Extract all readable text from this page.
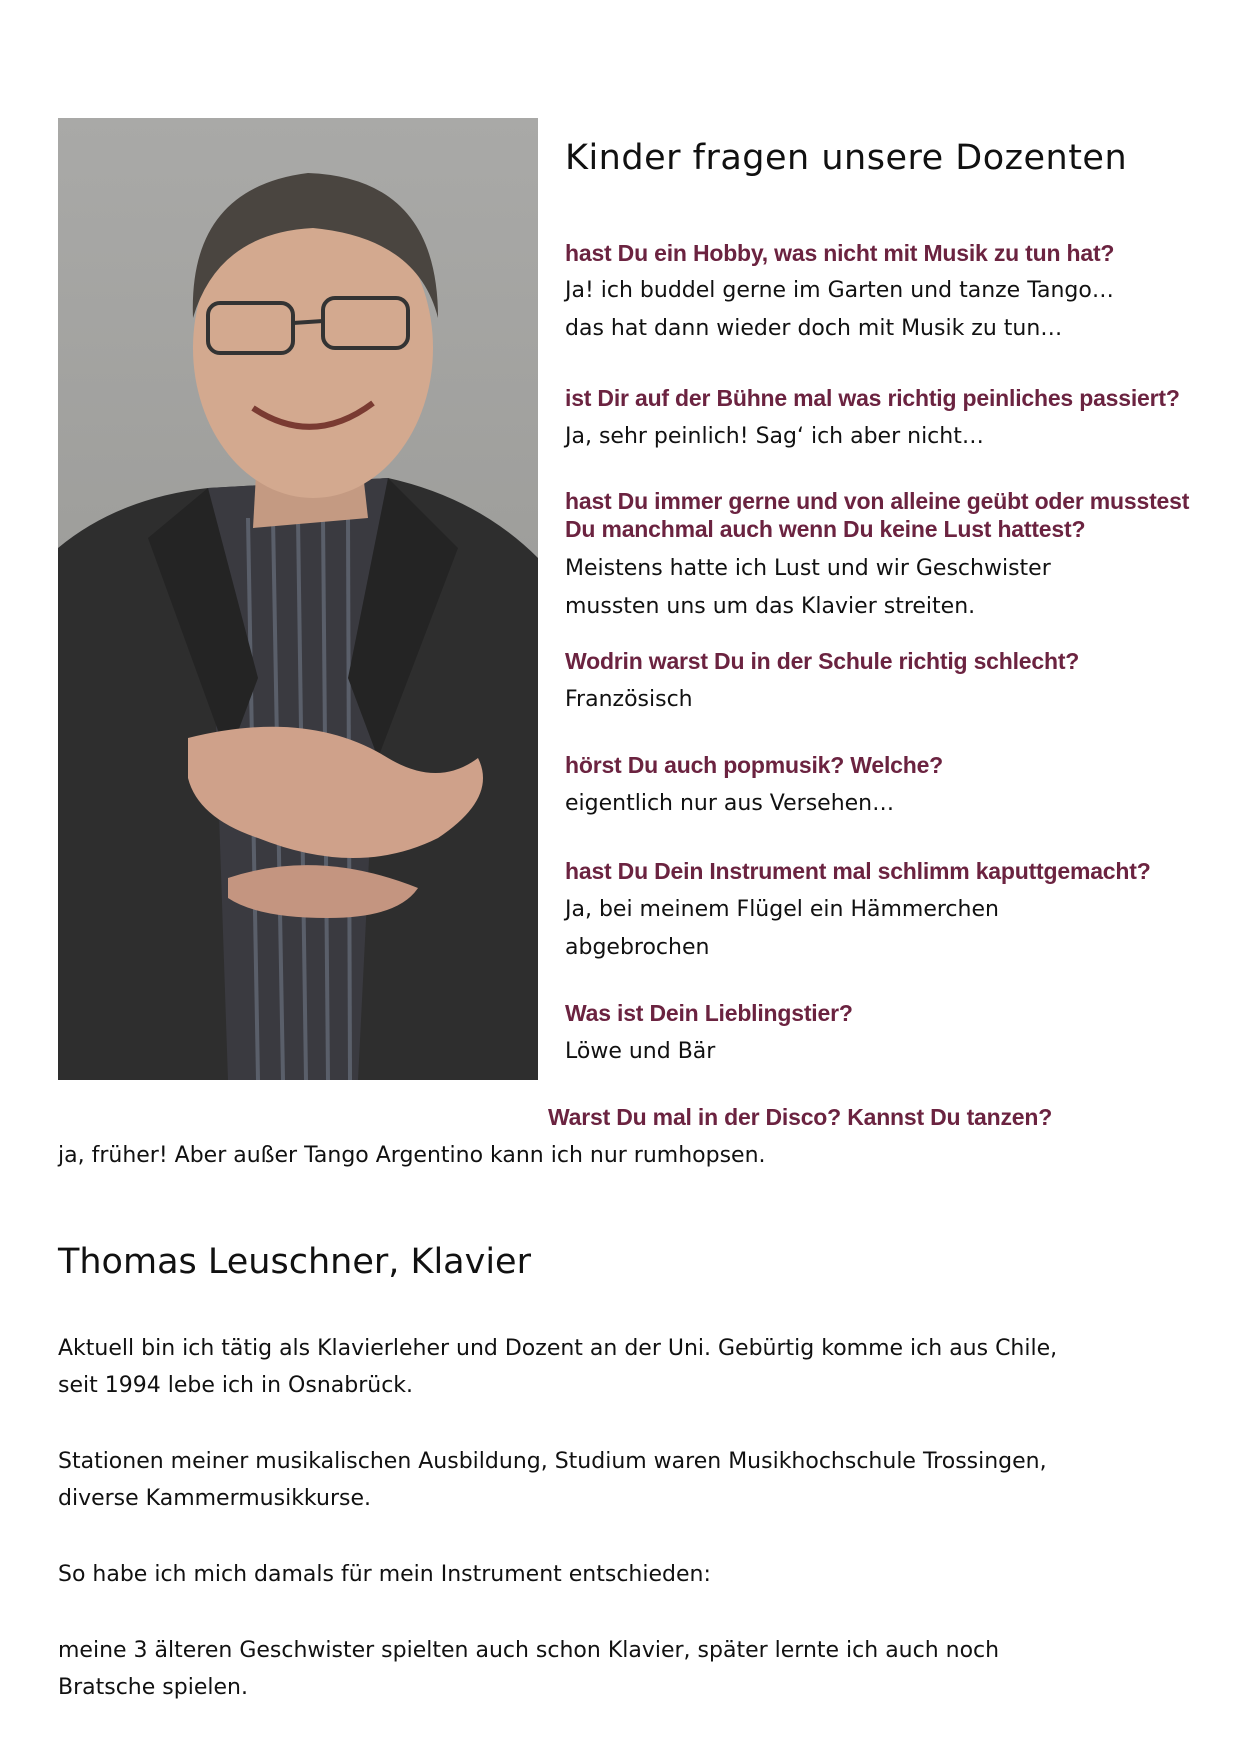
Kinder fragen unsere Dozenten
hast Du ein Hobby, was nicht mit Musik zu tun hat?
Ja! ich buddel gerne im Garten und tanze Tango…
das hat dann wieder doch mit Musik zu tun…
ist Dir auf der Bühne mal was richtig peinliches passiert?
Ja, sehr peinlich! Sag‘ ich aber nicht…
hast Du immer gerne und von alleine geübt oder musstest
Du manchmal auch wenn Du keine Lust hattest?
Meistens hatte ich Lust und wir Geschwister
mussten uns um das Klavier streiten.
Wodrin warst Du in der Schule richtig schlecht?
Französisch
hörst Du auch popmusik? Welche?
eigentlich nur aus Versehen…
hast Du Dein Instrument mal schlimm kaputtgemacht?
Ja, bei meinem Flügel ein Hämmerchen
abgebrochen
Was ist Dein Lieblingstier?
Löwe und Bär
Warst Du mal in der Disco? Kannst Du tanzen?
ja, früher! Aber außer Tango Argentino kann ich nur rumhopsen.
Thomas Leuschner, Klavier
Aktuell bin ich tätig als Klavierleher und Dozent an der Uni. Gebürtig komme ich aus Chile,
seit 1994 lebe ich in Osnabrück.
Stationen meiner musikalischen Ausbildung, Studium waren Musikhochschule Trossingen,
diverse Kammermusikkurse.
So habe ich mich damals für mein Instrument entschieden:
meine 3 älteren Geschwister spielten auch schon Klavier, später lernte ich auch noch
Bratsche spielen.
